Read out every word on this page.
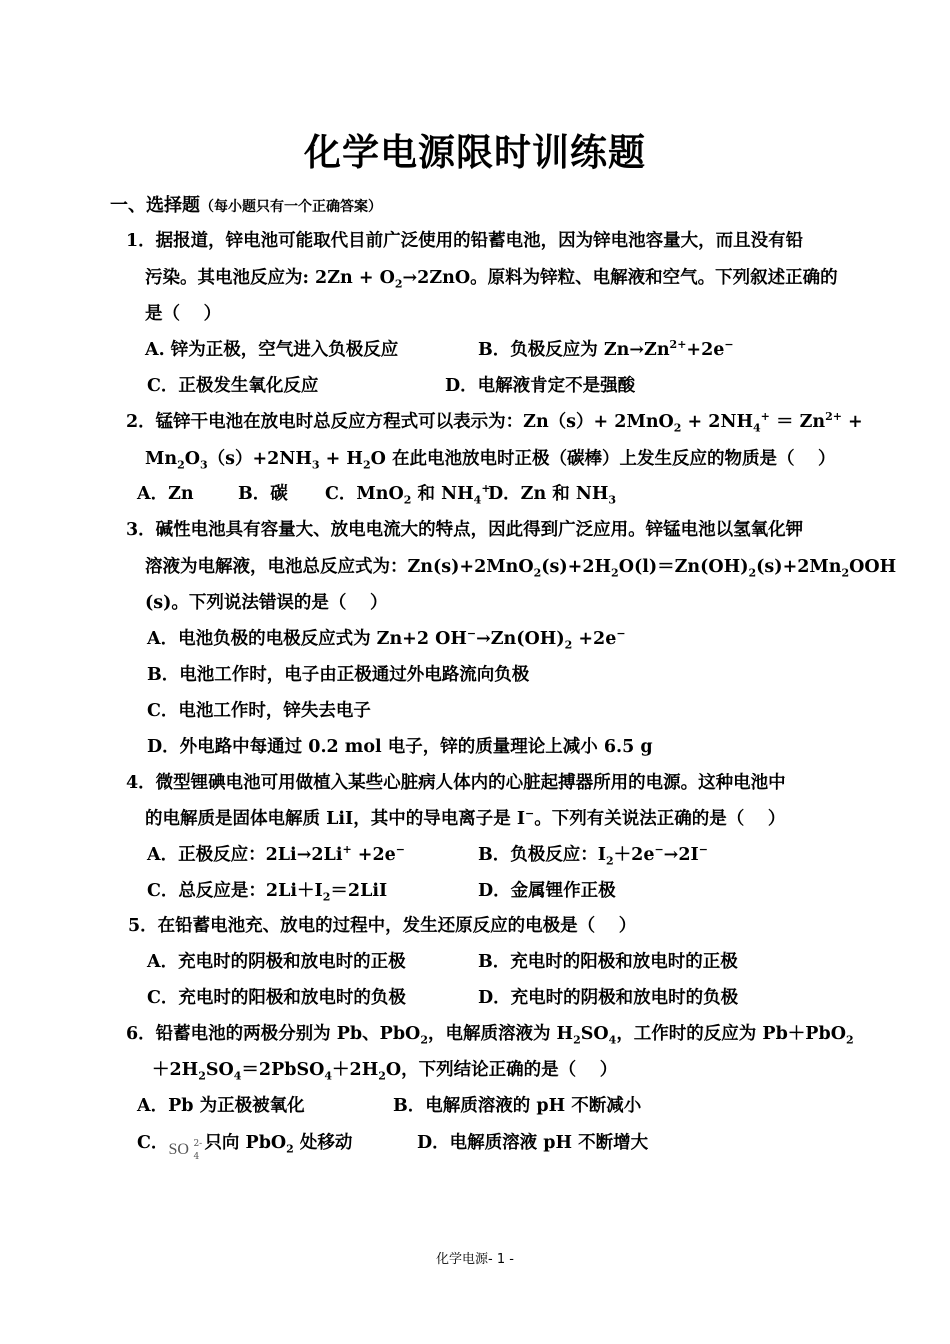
化学电源限时训练题
一、选择题（每小题只有一个正确答案）
1．据报道，锌电池可能取代目前广泛使用的铅蓄电池，因为锌电池容量大，而且没有铅
污染。其电池反应为: $2Zn + O_2\to 2ZnO$。原料为锌粒、电解液和空气。下列叙述正确的
是（　 ）
A. 锌为正极，空气进入负极反应	B．负极反应为 $Zn\to Zn^{2+}+2e^-$
C．正极发生氧化反应	D．电解液肯定不是强酸
2．锰锌干电池在放电时总反应方程式可以表示为：$Zn(s)+ 2MnO_2 + 2NH_4^+ = Zn^{2+}$ +
$Mn_2O_3(s)+2NH_3 + H_2O$ 在此电池放电时正极（碳棒）上发生反应的物质是（　 ）
A．Zn	B．碳 C．MnO$_2$ 和 $NH_4^+$
D．Zn 和 $NH_3$
3．碱性电池具有容量大、放电电流大的特点，因此得到广泛应用。锌锰电池以氢氧化钾
溶液为电解液，电池总反应式为：$Zn(s)+2MnO_2(s)+2H_2O(l)=Zn(OH)_2(s)+2Mn_2OOH$
(s)。下列说法错误的是（　 ）
A．电池负极的电极反应式为 Zn+2 $OH^-\to Zn(OH)_2 +2e^-$
B．电池工作时，电子由正极通过外电路流向负极
C．电池工作时，锌失去电子
D．外电路中每通过 0.2 mol 电子，锌的质量理论上减小 6.5 g
4．微型锂碘电池可用做植入某些心脏病人体内的心脏起搏器所用的电源。这种电池中
的电解质是固体电解质 LiI，其中的导电离子是 I−。下列有关说法正确的是（　 ）
A．正极反应：2Li→2Li+ +2e−	B．负极反应：$I_2+2e^-\to 2I^-$
C．总反应是：$2Li+I_2=2LiI$	D．金属锂作正极
5．在铅蓄电池充、放电的过程中，发生还原反应的电极是（　 ）
A．充电时的阴极和放电时的正极	B．充电时的阳极和放电时的正极
C．充电时的阳极和放电时的负极	D．充电时的阴极和放电时的负极
6．铅蓄电池的两极分别为 Pb、PbO$_2$，电解质溶液为 $H_2SO_4$，工作时的反应为 Pb＋PbO$_2$
$+2H_2SO_4=2PbSO_4+2H_2O$，下列结论正确的是（　 ）
A．Pb 为正极被氧化	B．电解质溶液的 pH 不断减小
C． SO 2-
4
只向 PbO$_2$ 处移动	D．电解质溶液 pH 不断增大
化学电源- 1 -
